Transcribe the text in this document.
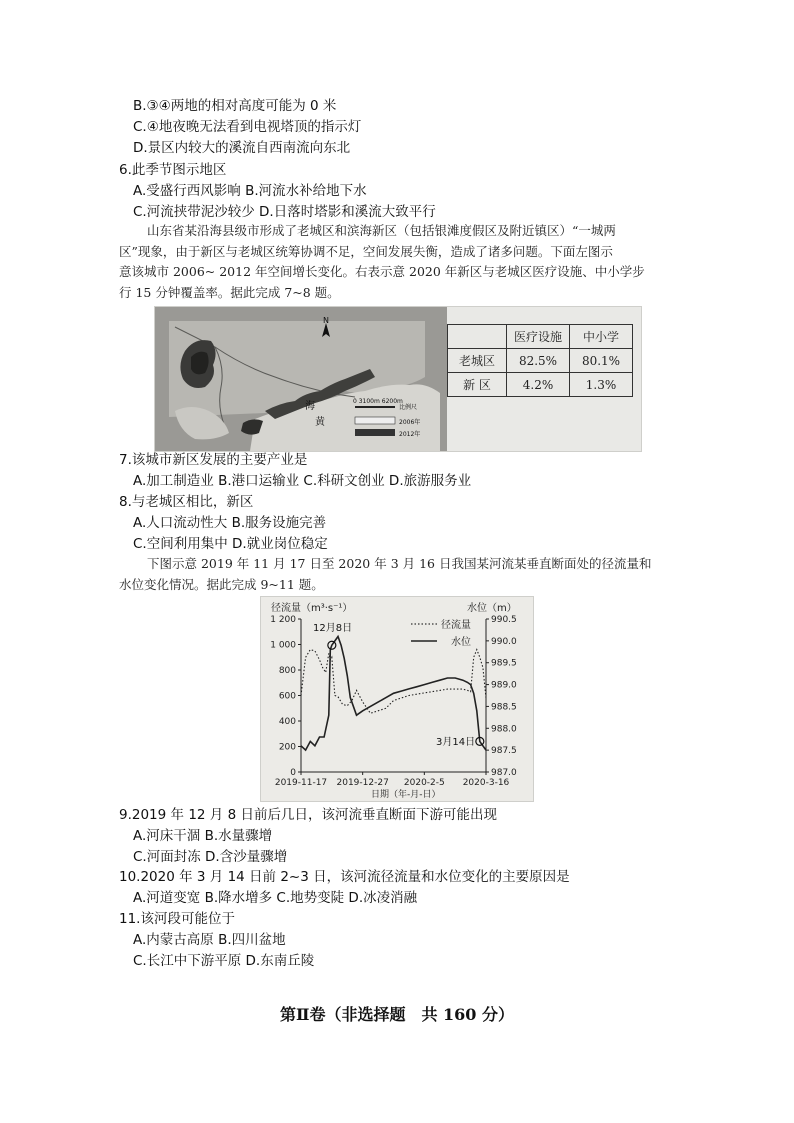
B.③④两地的相对高度可能为 0 米
C.④地夜晚无法看到电视塔顶的指示灯
D.景区内较大的溪流自西南流向东北
6.此季节图示地区
A.受盛行西风影响 B.河流水补给地下水
C.河流挟带泥沙较少 D.日落时塔影和溪流大致平行
山东省某沿海县级市形成了老城区和滨海新区（包括银滩度假区及附近镇区）“一城两
区”现象，由于新区与老城区统筹协调不足，空间发展失衡，造成了诸多问题。下面左图示
意该城市 2006~ 2012 年空间增长变化。右表示意 2020 年新区与老城区医疗设施、中小学步
行 15 分钟覆盖率。据此完成 7~8 题。
N
海
黄
0 3100m 6200m
比例尺
2006年
2012年
	医疗设施	中小学
老城区	82.5%	80.1%
新 区	4.2%	1.3%
7.该城市新区发展的主要产业是
A.加工制造业 B.港口运输业 C.科研文创业 D.旅游服务业
8.与老城区相比，新区
A.人口流动性大 B.服务设施完善
C.空间利用集中 D.就业岗位稳定
下图示意 2019 年 11 月 17 日至 2020 年 3 月 16 日我国某河流某垂直断面处的径流量和
水位变化情况。据此完成 9~11 题。
径流量（m³·s⁻¹）	水位（m）
日期（年-月-日）
0
200
400
600
800
1 000
1 200
987.0
987.5
988.0
988.5
989.0
989.5
990.0
990.5
2019-11-17 2019-12-27 2020-2-5 2020-3-16
径流量
水位
12月8日
3月14日
9.2019 年 12 月 8 日前后几日，该河流垂直断面下游可能出现
A.河床干涸 B.水量骤增
C.河面封冻 D.含沙量骤增
10.2020 年 3 月 14 日前 2~3 日，该河流径流量和水位变化的主要原因是
A.河道变宽 B.降水增多 C.地势变陡 D.冰凌消融
11.该河段可能位于
A.内蒙古高原 B.四川盆地
C.长江中下游平原 D.东南丘陵
第Ⅱ卷（非选择题　共 160 分）
